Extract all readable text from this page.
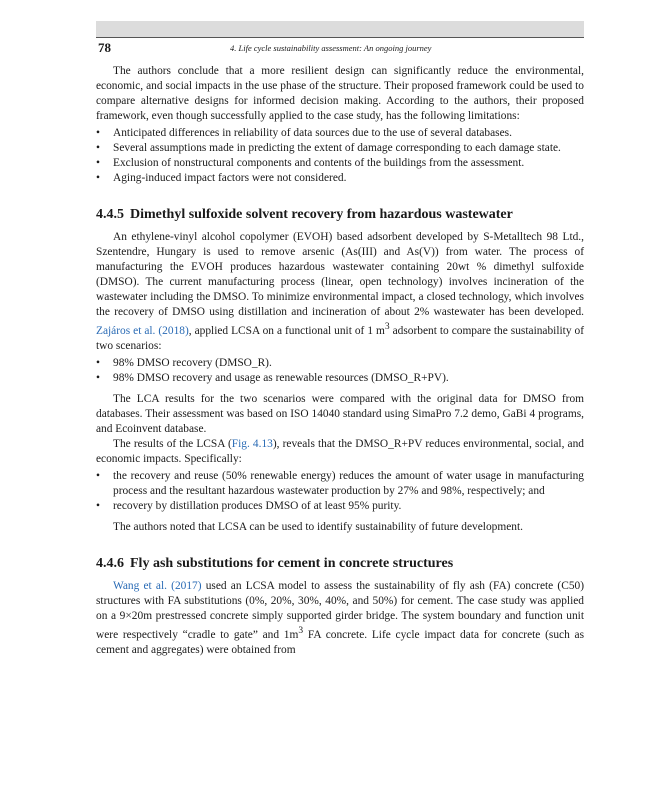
78	4. Life cycle sustainability assessment: An ongoing journey

The authors conclude that a more resilient design can significantly reduce the environmental, economic, and social impacts in the use phase of the structure. Their proposed framework could be used to compare alternative designs for informed decision making. According to the authors, their proposed framework, even though successfully applied to the case study, has the following limitations:

• Anticipated differences in reliability of data sources due to the use of several databases.
• Several assumptions made in predicting the extent of damage corresponding to each damage state.
• Exclusion of nonstructural components and contents of the buildings from the assessment.
• Aging-induced impact factors were not considered.
4.4.5 Dimethyl sulfoxide solvent recovery from hazardous wastewater

An ethylene-vinyl alcohol copolymer (EVOH) based adsorbent developed by S-Metalltech 98 Ltd., Szentendre, Hungary is used to remove arsenic (As(III) and As(V)) from water. The process of manufacturing the EVOH produces hazardous wastewater containing 20wt % dimethyl sulfoxide (DMSO). The current manufacturing process (linear, open technology) involves incineration of the wastewater including the DMSO. To minimize environmental impact, a closed technology, which involves the recovery of DMSO using distillation and incineration of about 2% wastewater has been developed. Zajáros et al. (2018), applied LCSA on a functional unit of 1 $m^3$ adsorbent to compare the sustainability of two scenarios:

• 98% DMSO recovery (DMSO_R).
• 98% DMSO recovery and usage as renewable resources (DMSO_R+PV).

The LCA results for the two scenarios were compared with the original data for DMSO from databases. Their assessment was based on ISO 14040 standard using SimaPro 7.2 demo, GaBi 4 programs, and Ecoinvent database.

The results of the LCSA (Fig. 4.13), reveals that the DMSO_R+PV reduces environmental, social, and economic impacts. Specifically:

• the recovery and reuse (50% renewable energy) reduces the amount of water usage in manufacturing process and the resultant hazardous wastewater production by 27% and 98%, respectively; and
• recovery by distillation produces DMSO of at least 95% purity.

The authors noted that LCSA can be used to identify sustainability of future development.

4.4.6 Fly ash substitutions for cement in concrete structures

Wang et al. (2017) used an LCSA model to assess the sustainability of fly ash (FA) concrete (C50) structures with FA substitutions (0%, 20%, 30%, 40%, and 50%) for cement. The case study was applied on a 9×20m prestressed concrete simply supported girder bridge. The system boundary and function unit were respectively “cradle to gate” and $1m^3$ FA concrete. Life cycle impact data for concrete (such as cement and aggregates) were obtained from
